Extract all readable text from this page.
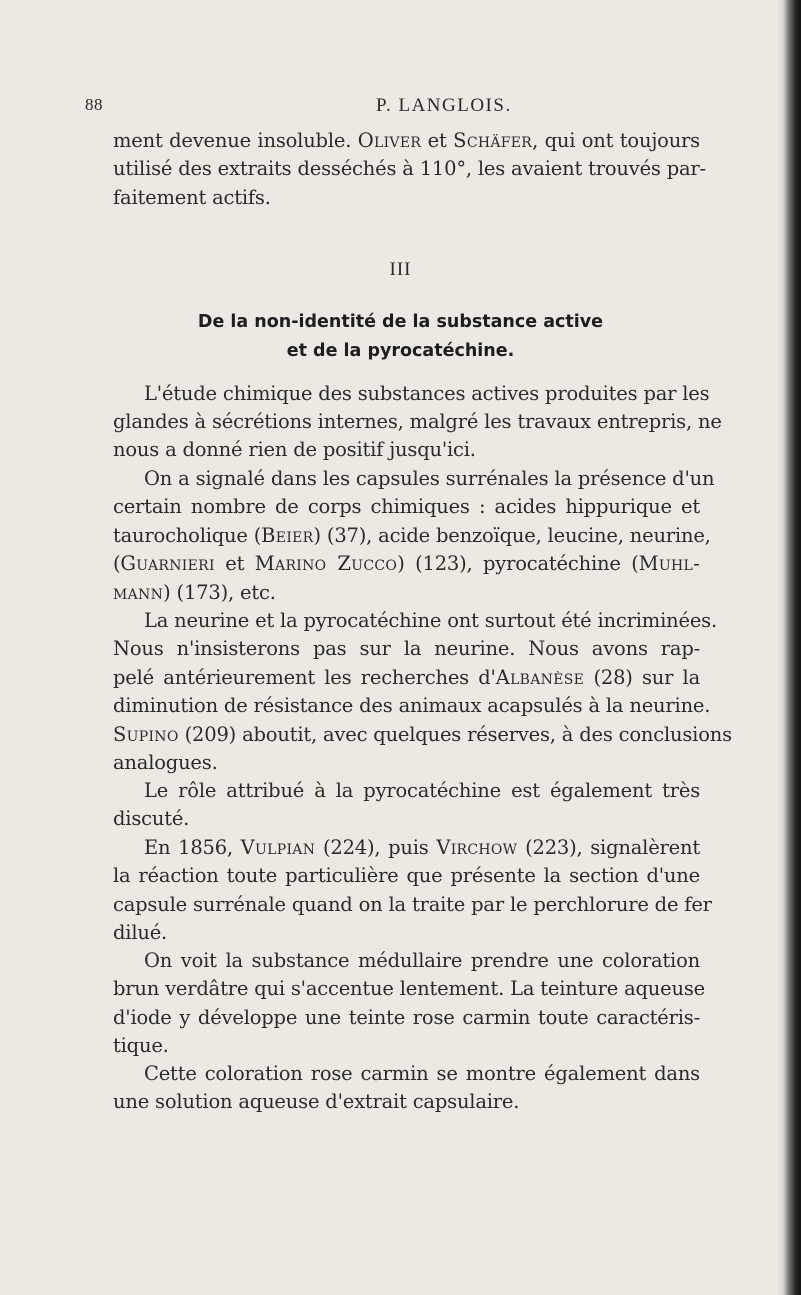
88	P. LANGLOIS.
ment devenue insoluble. Oliver et Schäfer, qui ont toujours
utilisé des extraits desséchés à 110°, les avaient trouvés par-
faitement actifs.
III
De la non-identité de la substance active
et de la pyrocatéchine.
L'étude chimique des substances actives produites par les
glandes à sécrétions internes, malgré les travaux entrepris, ne
nous a donné rien de positif jusqu'ici.
On a signalé dans les capsules surrénales la présence d'un
certain nombre de corps chimiques : acides hippurique et
taurocholique (Beier) (37), acide benzoïque, leucine, neurine,
(Guarnieri et Marino Zucco) (123), pyrocatéchine (Muhl-
mann) (173), etc.
La neurine et la pyrocatéchine ont surtout été incriminées.
Nous n'insisterons pas sur la neurine. Nous avons rap-
pelé antérieurement les recherches d'Albanèse (28) sur la
diminution de résistance des animaux acapsulés à la neurine.
Supino (209) aboutit, avec quelques réserves, à des conclusions
analogues.
Le rôle attribué à la pyrocatéchine est également très
discuté.
En 1856, Vulpian (224), puis Virchow (223), signalèrent
la réaction toute particulière que présente la section d'une
capsule surrénale quand on la traite par le perchlorure de fer
dilué.
On voit la substance médullaire prendre une coloration
brun verdâtre qui s'accentue lentement. La teinture aqueuse
d'iode y développe une teinte rose carmin toute caractéris-
tique.
Cette coloration rose carmin se montre également dans
une solution aqueuse d'extrait capsulaire.
